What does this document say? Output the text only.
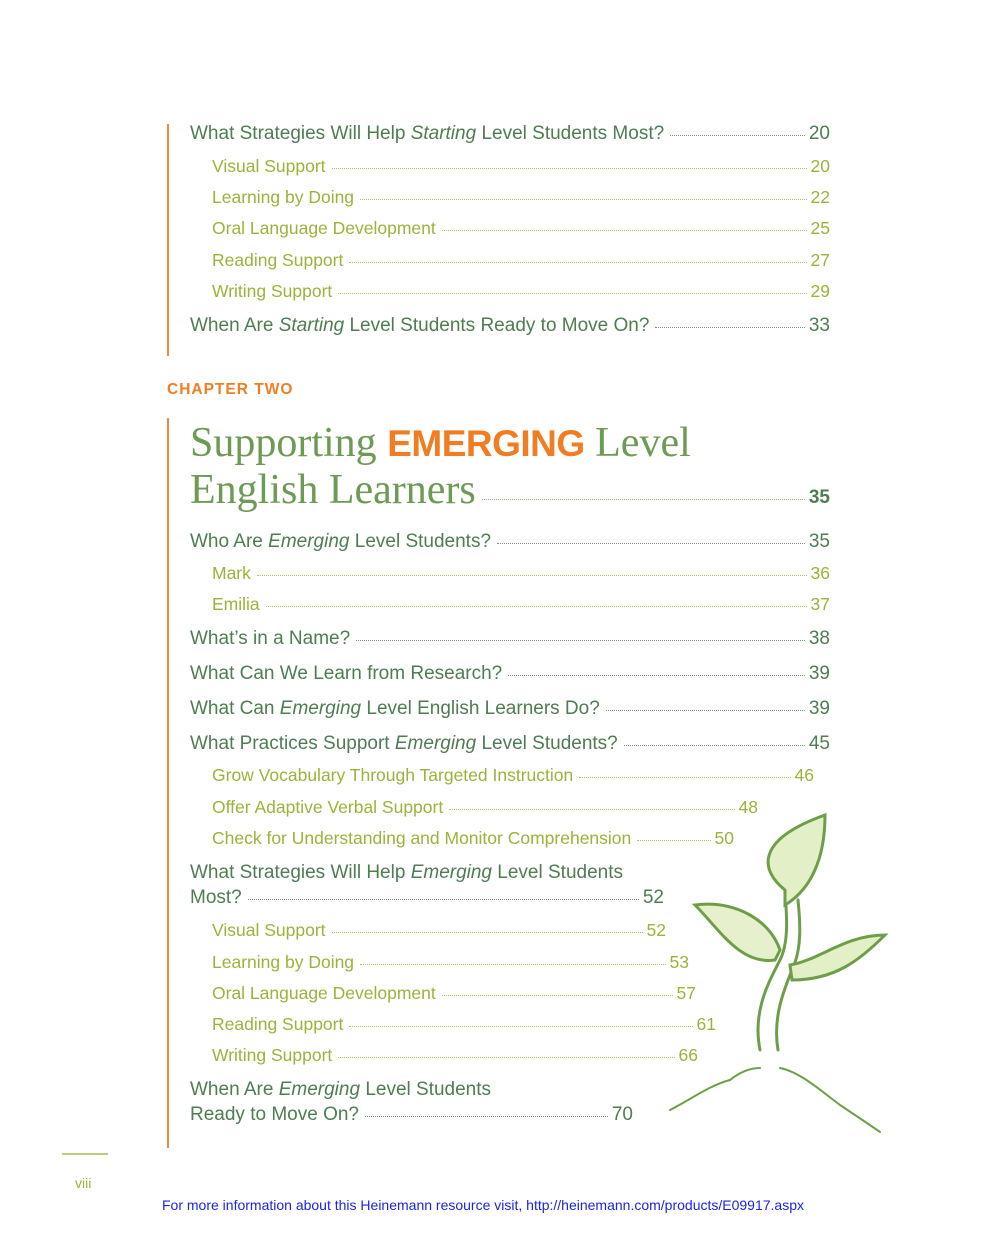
What Strategies Will Help Starting Level Students Most?	20
Visual Support	20
Learning by Doing	22
Oral Language Development	25
Reading Support	27
Writing Support	29
When Are Starting Level Students Ready to Move On?	33
CHAPTER TWO
Supporting EMERGING Level
English Learners	35
Who Are Emerging Level Students?	35
Mark	36
Emilia	37
What’s in a Name?	38
What Can We Learn from Research?	39
What Can Emerging Level English Learners Do?	39
What Practices Support Emerging Level Students?	45
Grow Vocabulary Through Targeted Instruction	46
Offer Adaptive Verbal Support	48
Check for Understanding and Monitor Comprehension	50
What Strategies Will Help Emerging Level Students
Most?	52
Visual Support	52
Learning by Doing	53
Oral Language Development	57
Reading Support	61
Writing Support	66
When Are Emerging Level Students
Ready to Move On?	70
viii
For more information about this Heinemann resource visit, http://heinemann.com/products/E09917.aspx
